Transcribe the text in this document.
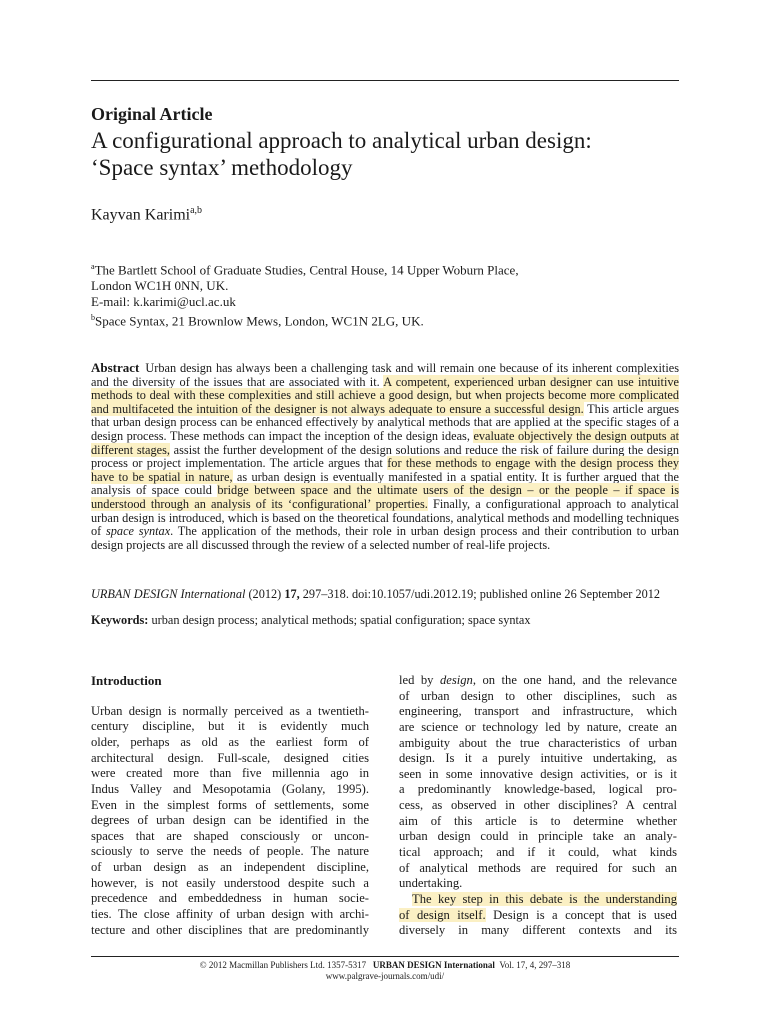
Original Article
A configurational approach to analytical urban design:
‘Space syntax’ methodology
Kayvan Karimi$^{a,b}$
$^a$The Bartlett School of Graduate Studies, Central House, 14 Upper Woburn Place,
London WC1H 0NN, UK.
E-mail: k.karimi@ucl.ac.uk
$^b$Space Syntax, 21 Brownlow Mews, London, WC1N 2LG, UK.

Abstract Urban design has always been a challenging task and will remain one because of its inherent complexities and the diversity of the issues that are associated with it. A competent, experienced urban designer can use intuitive methods to deal with these complexities and still achieve a good design, but when projects become more complicated and multifaceted the intuition of the designer is not always adequate to ensure a successful design. This article argues that urban design process can be enhanced effectively by analytical methods that are applied at the specific stages of a design process. These methods can impact the inception of the design ideas, evaluate objectively the design outputs at different stages, assist the further development of the design solutions and reduce the risk of failure during the design process or project implementation. The article argues that for these methods to engage with the design process they have to be spatial in nature, as urban design is eventually manifested in a spatial entity. It is further argued that the analysis of space could bridge between space and the ultimate users of the design – or the people – if space is understood through an analysis of its ‘configurational’ properties. Finally, a configurational approach to analytical urban design is introduced, which is based on the theoretical foundations, analytical methods and modelling techniques of space syntax. The application of the methods, their role in urban design process and their contribution to urban design projects are all discussed through the review of a selected number of real-life projects.

URBAN DESIGN International (2012) 17, 297–318. doi:10.1057/udi.2012.19; published online 26 September 2012
Keywords: urban design process; analytical methods; spatial configuration; space syntax
Introduction
Urban design is normally perceived as a twentieth-
century discipline, but it is evidently much
older, perhaps as old as the earliest form of
architectural design. Full-scale, designed cities
were created more than five millennia ago in
Indus Valley and Mesopotamia (Golany, 1995).
Even in the simplest forms of settlements, some
degrees of urban design can be identified in the
spaces that are shaped consciously or uncon-
sciously to serve the needs of people. The nature
of urban design as an independent discipline,
however, is not easily understood despite such a
precedence and embeddedness in human socie-
ties. The close affinity of urban design with archi-
tecture and other disciplines that are predominantly
led by design, on the one hand, and the relevance
of urban design to other disciplines, such as
engineering, transport and infrastructure, which
are science or technology led by nature, create an
ambiguity about the true characteristics of urban
design. Is it a purely intuitive undertaking, as
seen in some innovative design activities, or is it
a predominantly knowledge-based, logical pro-
cess, as observed in other disciplines? A central
aim of this article is to determine whether
urban design could in principle take an analy-
tical approach; and if it could, what kinds
of analytical methods are required for such an
undertaking.
The key step in this debate is the understanding
of design itself. Design is a concept that is used
diversely in many different contexts and its
© 2012 Macmillan Publishers Ltd. 1357-5317 URBAN DESIGN International Vol. 17, 4, 297–318
www.palgrave-journals.com/udi/
